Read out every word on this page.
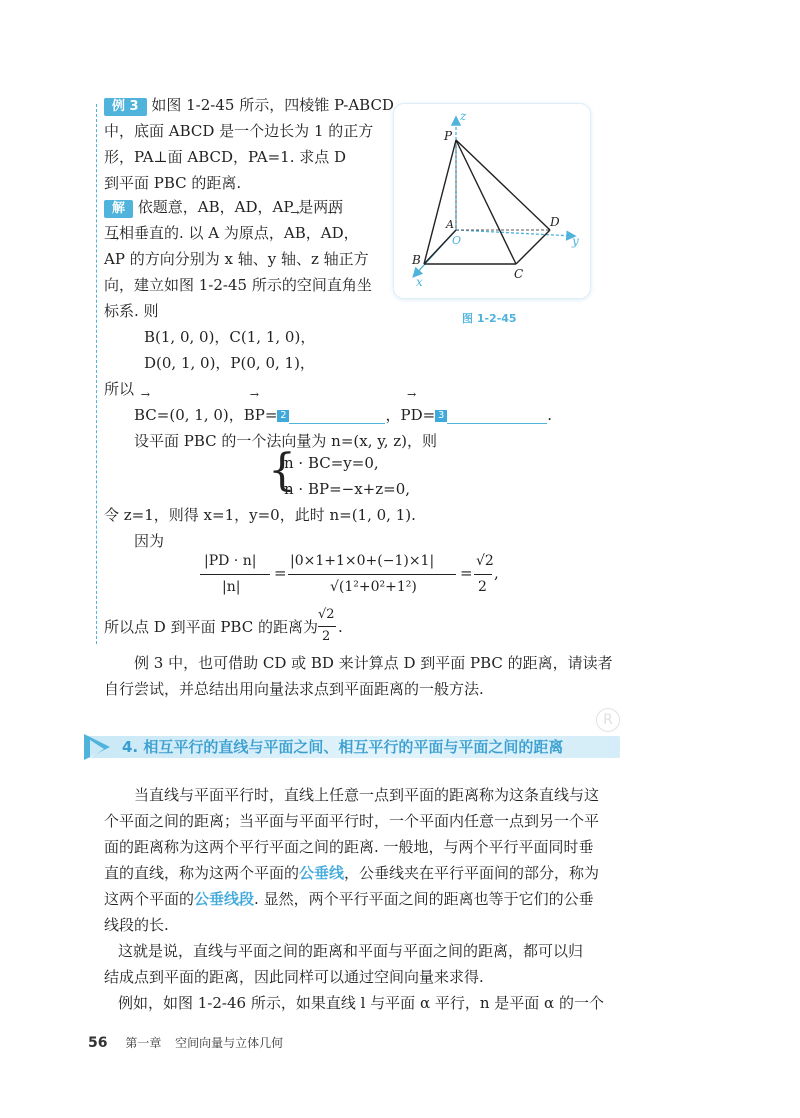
R
例 3 如图 1-2-45 所示，四棱锥 P-ABCD
中，底面 ABCD 是一个边长为 1 的正方
形，PA⊥面 ABCD，PA=1. 求点 D
到平面 PBC 的距离.
解 依题意，AB，AD，AP 是两两
互相垂直的. 以 A 为原点，→ AB，→ AD，
→ AP 的方向分别为 x 轴、y 轴、z 轴正方
向，建立如图 1-2-45 所示的空间直角坐
标系. 则
B(1, 0, 0)，C(1, 1, 0)，
D(0, 1, 0)，P(0, 0, 1)，
所以
→ BC=(0, 1, 0)，→ BP= 2	，→ PD= 3	.
设平面 PBC 的一个法向量为 n=(x, y, z)，则
{
n · BC=y=0,
n · BP=−x+z=0,
令 z=1，则得 x=1，y=0，此时 n=(1, 0, 1).
因为
|PD · n|
|n|
=
|0×1+1×0+(−1)×1|
√(1²+0²+1²)
=
√2
2
,
所以点 D 到平面 PBC 的距离为
√2
2
.
例 3 中，也可借助 CD 或 BD 来计算点 D 到平面 PBC 的距离，请读者
自行尝试，并总结出用向量法求点到平面距离的一般方法.
z
y
x
P
A
O
B
C
D
图 1-2-45
4. 相互平行的直线与平面之间、相互平行的平面与平面之间的距离
当直线与平面平行时，直线上任意一点到平面的距离称为这条直线与这
个平面之间的距离；当平面与平面平行时，一个平面内任意一点到另一个平
面的距离称为这两个平行平面之间的距离. 一般地，与两个平行平面同时垂
直的直线，称为这两个平面的公垂线，公垂线夹在平行平面间的部分，称为
这两个平面的公垂线段. 显然，两个平行平面之间的距离也等于它们的公垂
线段的长.
这就是说，直线与平面之间的距离和平面与平面之间的距离，都可以归
结成点到平面的距离，因此同样可以通过空间向量来求得.
例如，如图 1-2-46 所示，如果直线 l 与平面 α 平行，n 是平面 α 的一个
56 第一章 空间向量与立体几何
